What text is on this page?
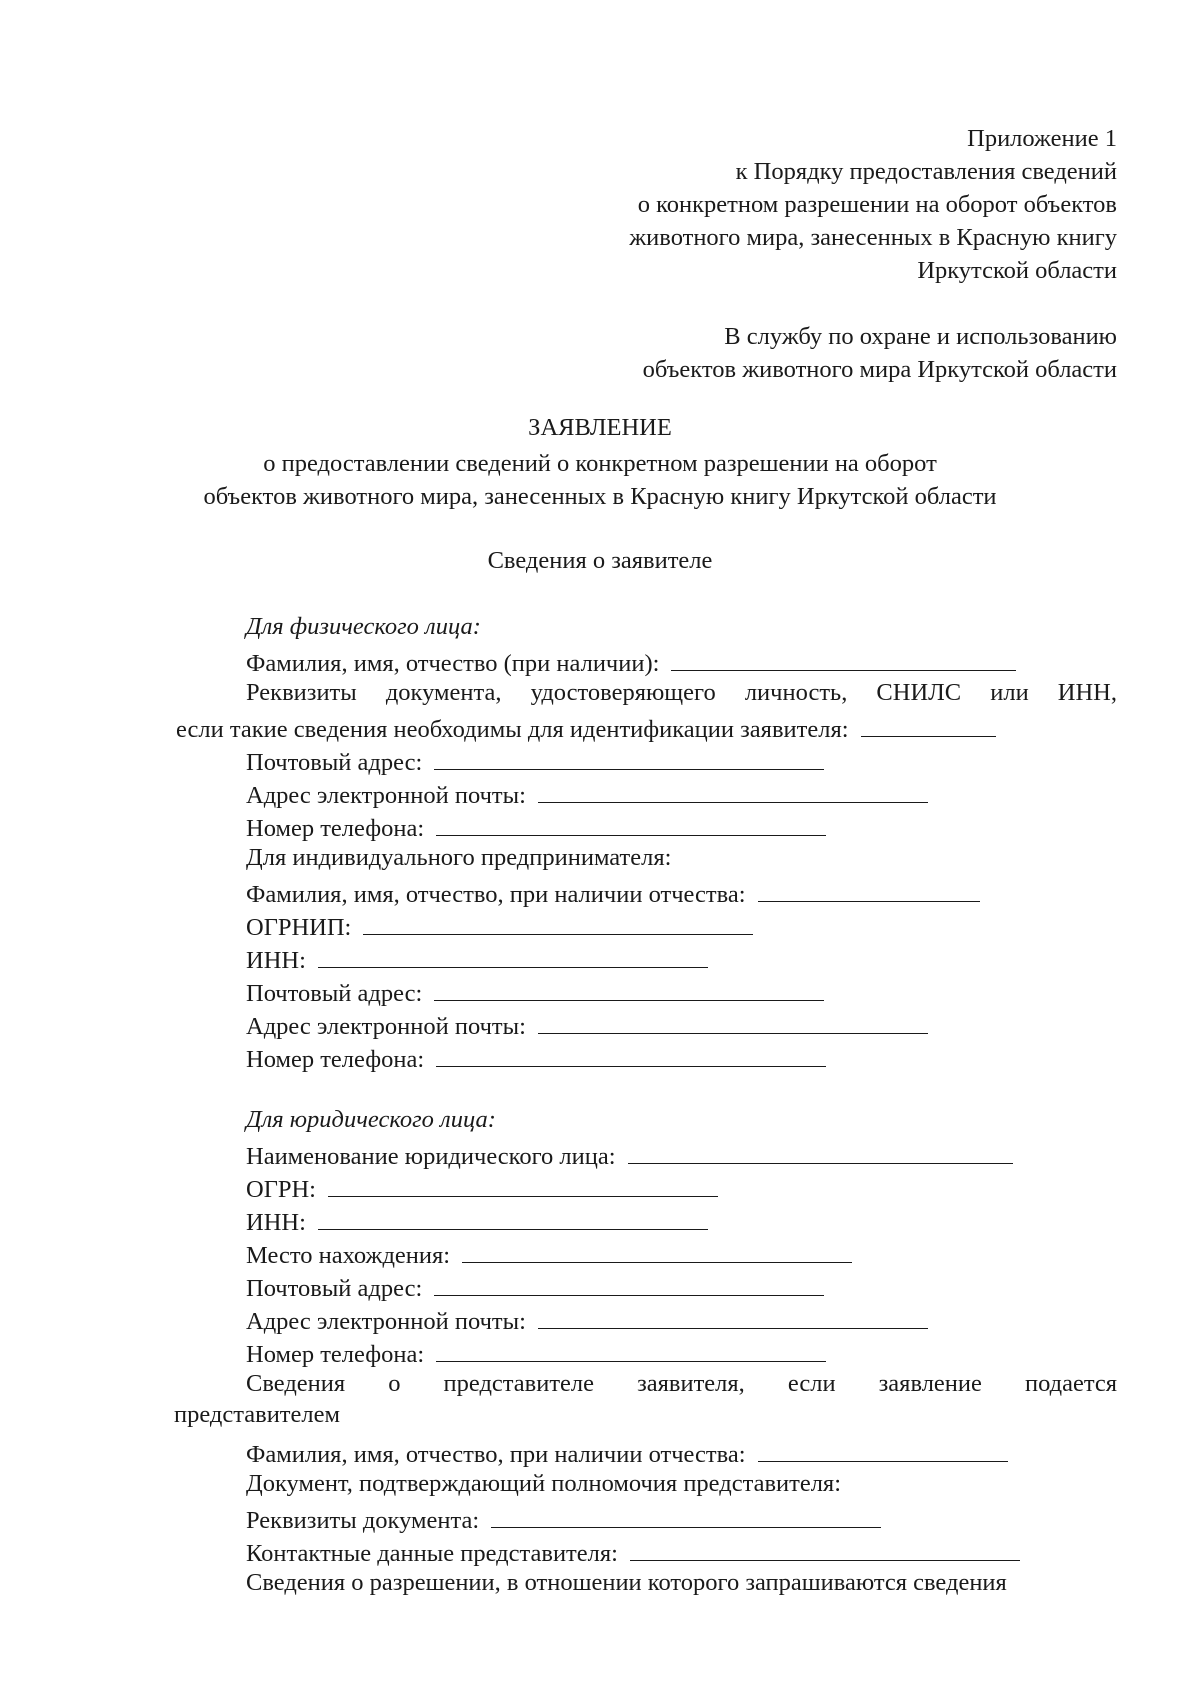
Приложение 1
к Порядку предоставления сведений
о конкретном разрешении на оборот объектов
животного мира, занесенных в Красную книгу
Иркутской области
В службу по охране и использованию
объектов животного мира Иркутской области
ЗАЯВЛЕНИЕ
о предоставлении сведений о конкретном разрешении на оборот
объектов животного мира, занесенных в Красную книгу Иркутской области
Сведения о заявителе
Для физического лица:
Фамилия, имя, отчество (при наличии):
Реквизиты документа, удостоверяющего личность, СНИЛС или ИНН,
если такие сведения необходимы для идентификации заявителя:
Почтовый адрес:
Адрес электронной почты:
Номер телефона:
Для индивидуального предпринимателя:
Фамилия, имя, отчество, при наличии отчества:
ОГРНИП:
ИНН:
Почтовый адрес:
Адрес электронной почты:
Номер телефона:
Для юридического лица:
Наименование юридического лица:
ОГРН:
ИНН:
Место нахождения:
Почтовый адрес:
Адрес электронной почты:
Номер телефона:
Сведения о представителе заявителя, если заявление подается
представителем
Фамилия, имя, отчество, при наличии отчества:
Документ, подтверждающий полномочия представителя:
Реквизиты документа:
Контактные данные представителя:
Сведения о разрешении, в отношении которого запрашиваются сведения
